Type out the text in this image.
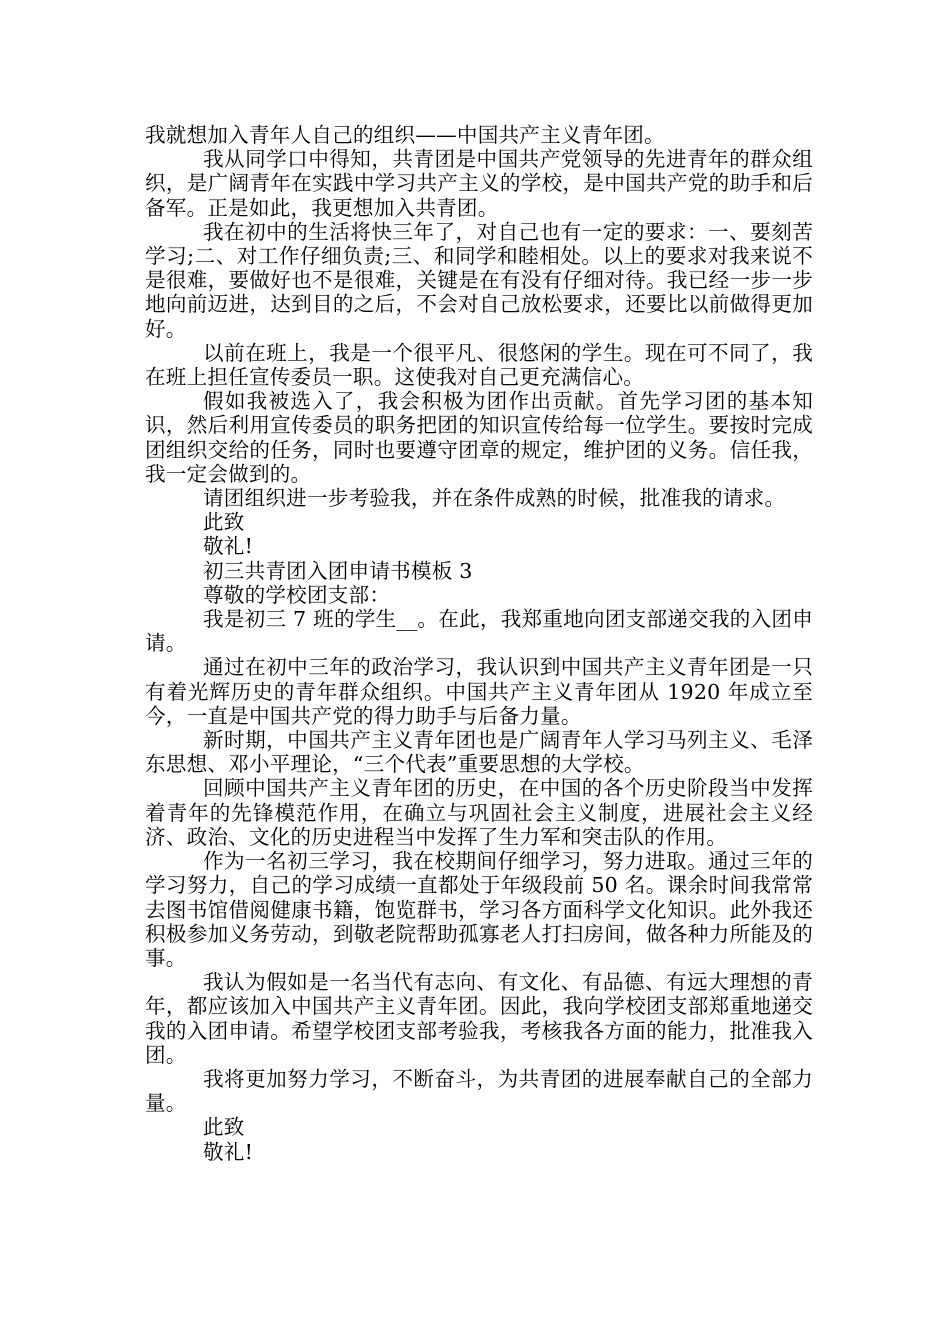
我就想加入青年人自己的组织——中国共产主义青年团。

我从同学口中得知，共青团是中国共产党领导的先进青年的群众组织，是广阔青年在实践中学习共产主义的学校，是中国共产党的助手和后备军。正是如此，我更想加入共青团。

我在初中的生活将快三年了，对自己也有一定的要求：一、要刻苦学习;二、对工作仔细负责;三、和同学和睦相处。以上的要求对我来说不是很难，要做好也不是很难，关键是在有没有仔细对待。我已经一步一步地向前迈进，达到目的之后，不会对自己放松要求，还要比以前做得更加好。

以前在班上，我是一个很平凡、很悠闲的学生。现在可不同了，我在班上担任宣传委员一职。这使我对自己更充满信心。

假如我被选入了，我会积极为团作出贡献。首先学习团的基本知识，然后利用宣传委员的职务把团的知识宣传给每一位学生。要按时完成团组织交给的任务，同时也要遵守团章的规定，维护团的义务。信任我，我一定会做到的。

请团组织进一步考验我，并在条件成熟的时候，批准我的请求。

此致

敬礼!

初三共青团入团申请书模板 3

尊敬的学校团支部：

我是初三 7 班的学生__。在此，我郑重地向团支部递交我的入团申请。

通过在初中三年的政治学习，我认识到中国共产主义青年团是一只有着光辉历史的青年群众组织。中国共产主义青年团从 1920 年成立至今，一直是中国共产党的得力助手与后备力量。

新时期，中国共产主义青年团也是广阔青年人学习马列主义、毛泽东思想、邓小平理论，“三个代表”重要思想的大学校。

回顾中国共产主义青年团的历史，在中国的各个历史阶段当中发挥着青年的先锋模范作用，在确立与巩固社会主义制度，进展社会主义经济、政治、文化的历史进程当中发挥了生力军和突击队的作用。

作为一名初三学习，我在校期间仔细学习，努力进取。通过三年的学习努力，自己的学习成绩一直都处于年级段前 50 名。课余时间我常常去图书馆借阅健康书籍，饱览群书，学习各方面科学文化知识。此外我还积极参加义务劳动，到敬老院帮助孤寡老人打扫房间，做各种力所能及的事。

我认为假如是一名当代有志向、有文化、有品德、有远大理想的青年，都应该加入中国共产主义青年团。因此，我向学校团支部郑重地递交我的入团申请。希望学校团支部考验我，考核我各方面的能力，批准我入团。

我将更加努力学习，不断奋斗，为共青团的进展奉献自己的全部力量。

此致

敬礼!
